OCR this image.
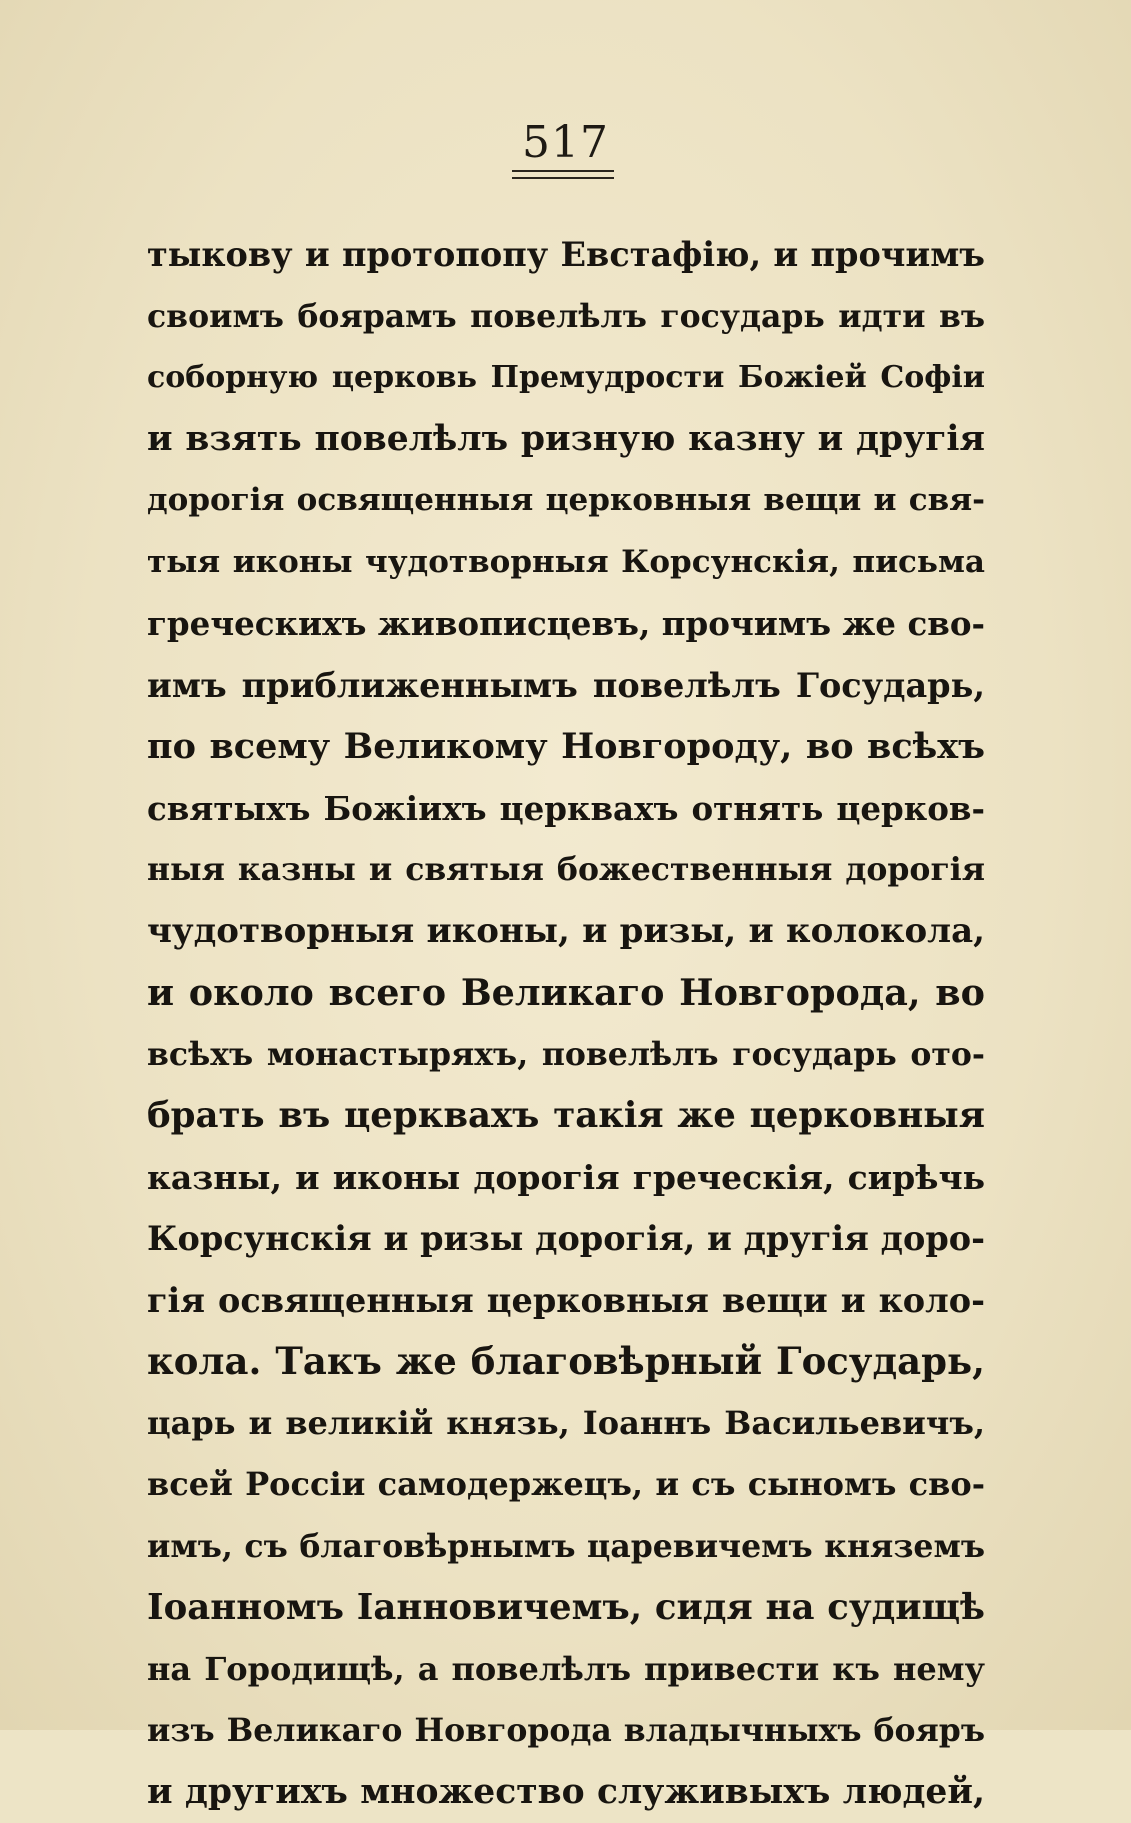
517
тыкову и протопопу Евстафію, и прочимъ
своимъ боярамъ повелѣлъ государь идти въ
соборную церковь Премудрости Божіей Софіи
и взять повелѣлъ ризную казну и другія
дорогія освященныя церковныя вещи и свя-
тыя иконы чудотворныя Корсунскія, письма
греческихъ живописцевъ, прочимъ же сво-
имъ приближеннымъ повелѣлъ Государь,
по всему Великому Новгороду, во всѣхъ
святыхъ Божіихъ церквахъ отнять церков-
ныя казны и святыя божественныя дорогія
чудотворныя иконы, и ризы, и колокола,
и около всего Великаго Новгорода, во
всѣхъ монастыряхъ, повелѣлъ государь ото-
брать въ церквахъ такія же церковныя
казны, и иконы дорогія греческія, сирѣчь
Корсунскія и ризы дорогія, и другія доро-
гія освященныя церковныя вещи и коло-
кола. Такъ же благовѣрный Государь,
царь и великій князь, Іоаннъ Васильевичъ,
всей Россіи самодержецъ, и съ сыномъ сво-
имъ, съ благовѣрнымъ царевичемъ княземъ
Іоанномъ Іанновичемъ, сидя на судищѣ
на Городищѣ, а повелѣлъ привести къ нему
изъ Великаго Новгорода владычныхъ бояръ
и другихъ множество служивыхъ людей,
